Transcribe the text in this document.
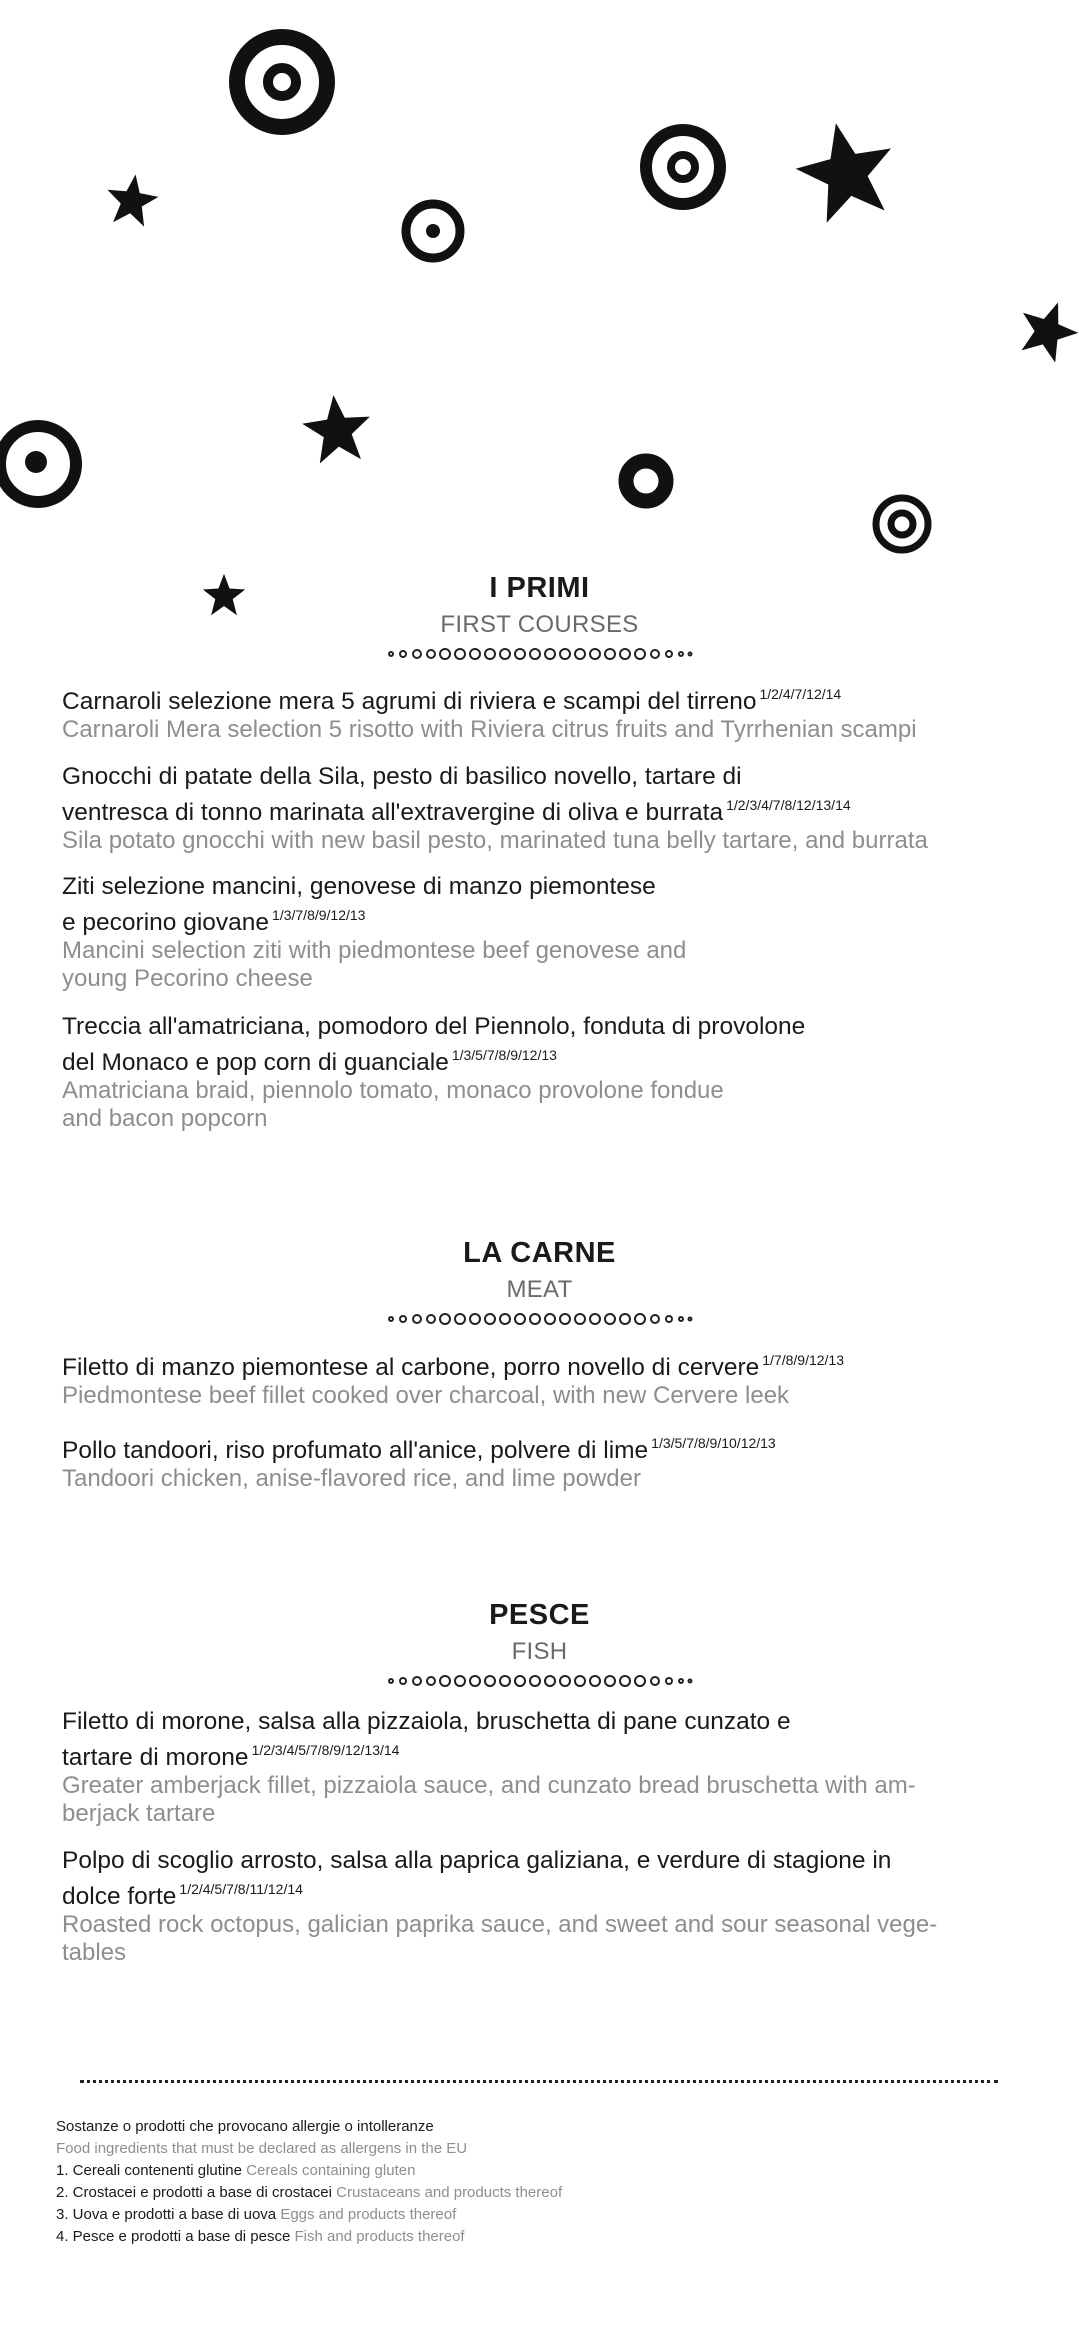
I PRIMI
FIRST COURSES
Carnaroli selezione mera 5 agrumi di riviera e scampi del tirreno $^{1/2/4/7/12/14}$
Carnaroli Mera selection 5 risotto with Riviera citrus fruits and Tyrrhenian scampi
Gnocchi di patate della Sila, pesto di basilico novello, tartare di
ventresca di tonno marinata all'extravergine di oliva e burrata $^{1/2/3/4/7/8/12/13/14}$
Sila potato gnocchi with new basil pesto, marinated tuna belly tartare, and burrata
Ziti selezione mancini, genovese di manzo piemontese
e pecorino giovane $^{1/3/7/8/9/12/13}$
Mancini selection ziti with piedmontese beef genovese and
young Pecorino cheese
Treccia all'amatriciana, pomodoro del Piennolo, fonduta di provolone
del Monaco e pop corn di guanciale $^{1/3/5/7/8/9/12/13}$
Amatriciana braid, piennolo tomato, monaco provolone fondue
and bacon popcorn
LA CARNE
MEAT
Filetto di manzo piemontese al carbone, porro novello di cervere $^{1/7/8/9/12/13}$
Piedmontese beef fillet cooked over charcoal, with new Cervere leek
Pollo tandoori, riso profumato all'anice, polvere di lime $^{1/3/5/7/8/9/10/12/13}$
Tandoori chicken, anise-flavored rice, and lime powder
PESCE
FISH
Filetto di morone, salsa alla pizzaiola, bruschetta di pane cunzato e
tartare di morone $^{1/2/3/4/5/7/8/9/12/13/14}$
Greater amberjack fillet, pizzaiola sauce, and cunzato bread bruschetta with am-
berjack tartare
Polpo di scoglio arrosto, salsa alla paprica galiziana, e verdure di stagione in
dolce forte $^{1/2/4/5/7/8/11/12/14}$
Roasted rock octopus, galician paprika sauce, and sweet and sour seasonal vege-
tables
Sostanze o prodotti che provocano allergie o intolleranze
Food ingredients that must be declared as allergens in the EU
1. Cereali contenenti glutine Cereals containing gluten
2. Crostacei e prodotti a base di crostacei Crustaceans and products thereof
3. Uova e prodotti a base di uova Eggs and products thereof
4. Pesce e prodotti a base di pesce Fish and products thereof
